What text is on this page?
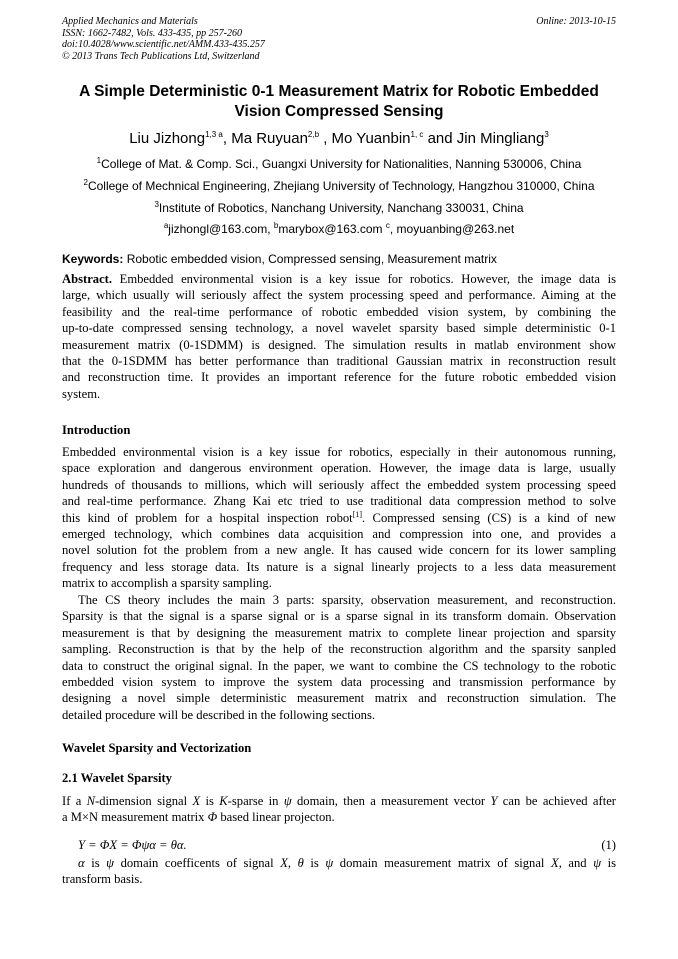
Applied Mechanics and Materials
ISSN: 1662-7482, Vols. 433-435, pp 257-260
doi:10.4028/www.scientific.net/AMM.433-435.257
© 2013 Trans Tech Publications Ltd, Switzerland
Online: 2013-10-15
A Simple Deterministic 0-1 Measurement Matrix for Robotic Embedded
Vision Compressed Sensing
Liu Jizhong$^{1,3 a}$, Ma Ruyuan$^{2,b}$ , Mo Yuanbin$^{1, c}$ and Jin Mingliang$^3$
$^1$College of Mat. & Comp. Sci., Guangxi University for Nationalities, Nanning 530006, China
$^2$College of Mechnical Engineering, Zhejiang University of Technology, Hangzhou 310000, China
$^3$Institute of Robotics, Nanchang University, Nanchang 330031, China
$^a$jizhongl@163.com, $^b$marybox@163.com $^c$, moyuanbing@263.net
Keywords: Robotic embedded vision, Compressed sensing, Measurement matrix
Abstract. Embedded environmental vision is a key issue for robotics. However, the image data is
large, which usually will seriously affect the system processing speed and performance. Aiming at the
feasibility and the real-time performance of robotic embedded vision system, by combining the
up-to-date compressed sensing technology, a novel wavelet sparsity based simple deterministic 0-1
measurement matrix (0-1SDMM) is designed. The simulation results in matlab environment show
that the 0-1SDMM has better performance than traditional Gaussian matrix in reconstruction result
and reconstruction time. It provides an important reference for the future robotic embedded vision
system.
Introduction
Embedded environmental vision is a key issue for robotics, especially in their autonomous running,
space exploration and dangerous environment operation. However, the image data is large, usually
hundreds of thousands to millions, which will seriously affect the embedded system processing speed
and real-time performance. Zhang Kai etc tried to use traditional data compression method to solve
this kind of problem for a hospital inspection robot[1]. Compressed sensing (CS) is a kind of new
emerged technology, which combines data acquisition and compression into one, and provides a
novel solution fot the problem from a new angle. It has caused wide concern for its lower sampling
frequency and less storage data. Its nature is a signal linearly projects to a less data measurement
matrix to accomplish a sparsity sampling.
The CS theory includes the main 3 parts: sparsity, observation measurement, and reconstruction.
Sparsity is that the signal is a sparse signal or is a sparse signal in its transform domain. Observation
measurement is that by designing the measurement matrix to complete linear projection and sparsity
sampling. Reconstruction is that by the help of the reconstruction algorithm and the sparsity sanpled
data to construct the original signal. In the paper, we want to combine the CS technology to the robotic
embedded vision system to improve the system data processing and transmission performance by
designing a novel simple deterministic measurement matrix and reconstruction simulation. The
detailed procedure will be described in the following sections.
Wavelet Sparsity and Vectorization
2.1 Wavelet Sparsity
If a N-dimension signal X is K-sparse in ψ domain, then a measurement vector Y can be achieved after
a M×N measurement matrix Φ based linear projecton.
Y = ΦX = Φψα = θα.	(1)
α is ψ domain coefficents of signal X, θ is ψ domain measurement matrix of signal X, and ψ is
transform basis.
